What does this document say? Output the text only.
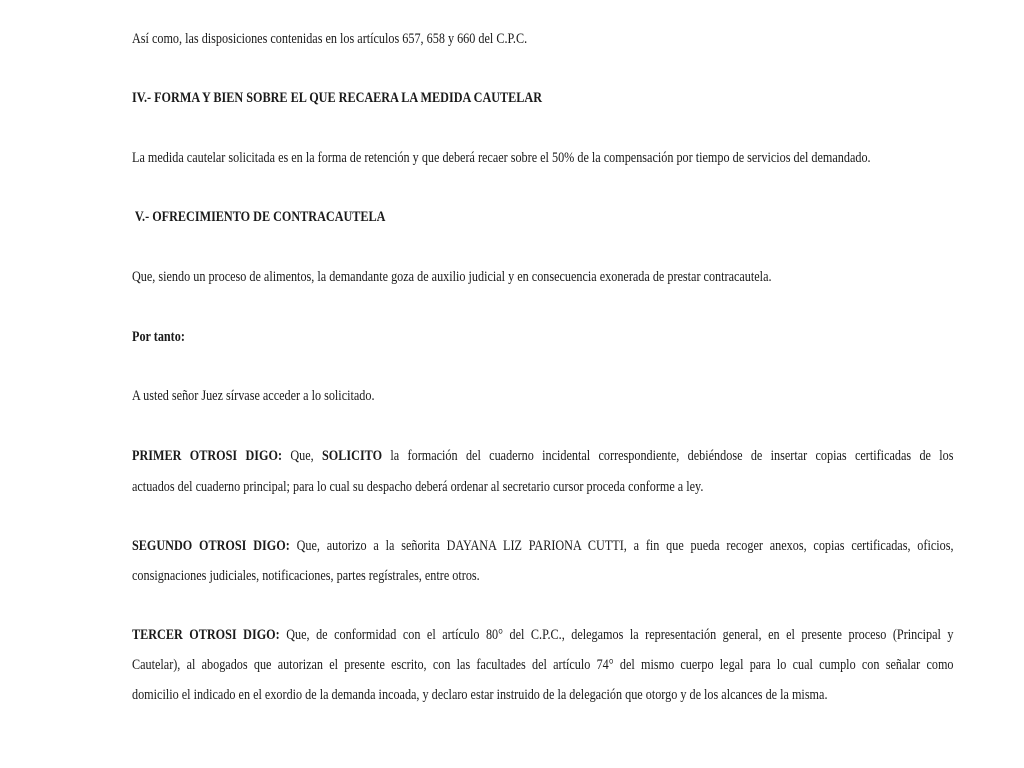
Así como, las disposiciones contenidas en los artículos 657, 658 y 660 del C.P.C.
IV.- FORMA Y BIEN SOBRE EL QUE RECAERA LA MEDIDA CAUTELAR
La medida cautelar solicitada es en la forma de retención y que deberá recaer sobre el 50% de la compensación por tiempo de servicios del demandado.
V.- OFRECIMIENTO DE CONTRACAUTELA
Que, siendo un proceso de alimentos, la demandante goza de auxilio judicial y en consecuencia exonerada de prestar contracautela.
Por tanto:
A usted señor Juez sírvase acceder a lo solicitado.
PRIMER OTROSI DIGO: Que, SOLICITO la formación del cuaderno incidental correspondiente, debiéndose de insertar copias certificadas de los
actuados del cuaderno principal; para lo cual su despacho deberá ordenar al secretario cursor proceda conforme a ley.
SEGUNDO OTROSI DIGO: Que, autorizo a la señorita DAYANA LIZ PARIONA CUTTI, a fin que pueda recoger anexos, copias certificadas, oficios,
consignaciones judiciales, notificaciones, partes regístrales, entre otros.
TERCER OTROSI DIGO: Que, de conformidad con el artículo 80° del C.P.C., delegamos la representación general, en el presente proceso (Principal y
Cautelar), al abogados que autorizan el presente escrito, con las facultades del artículo 74° del mismo cuerpo legal para lo cual cumplo con señalar como
domicilio el indicado en el exordio de la demanda incoada, y declaro estar instruido de la delegación que otorgo y de los alcances de la misma.
